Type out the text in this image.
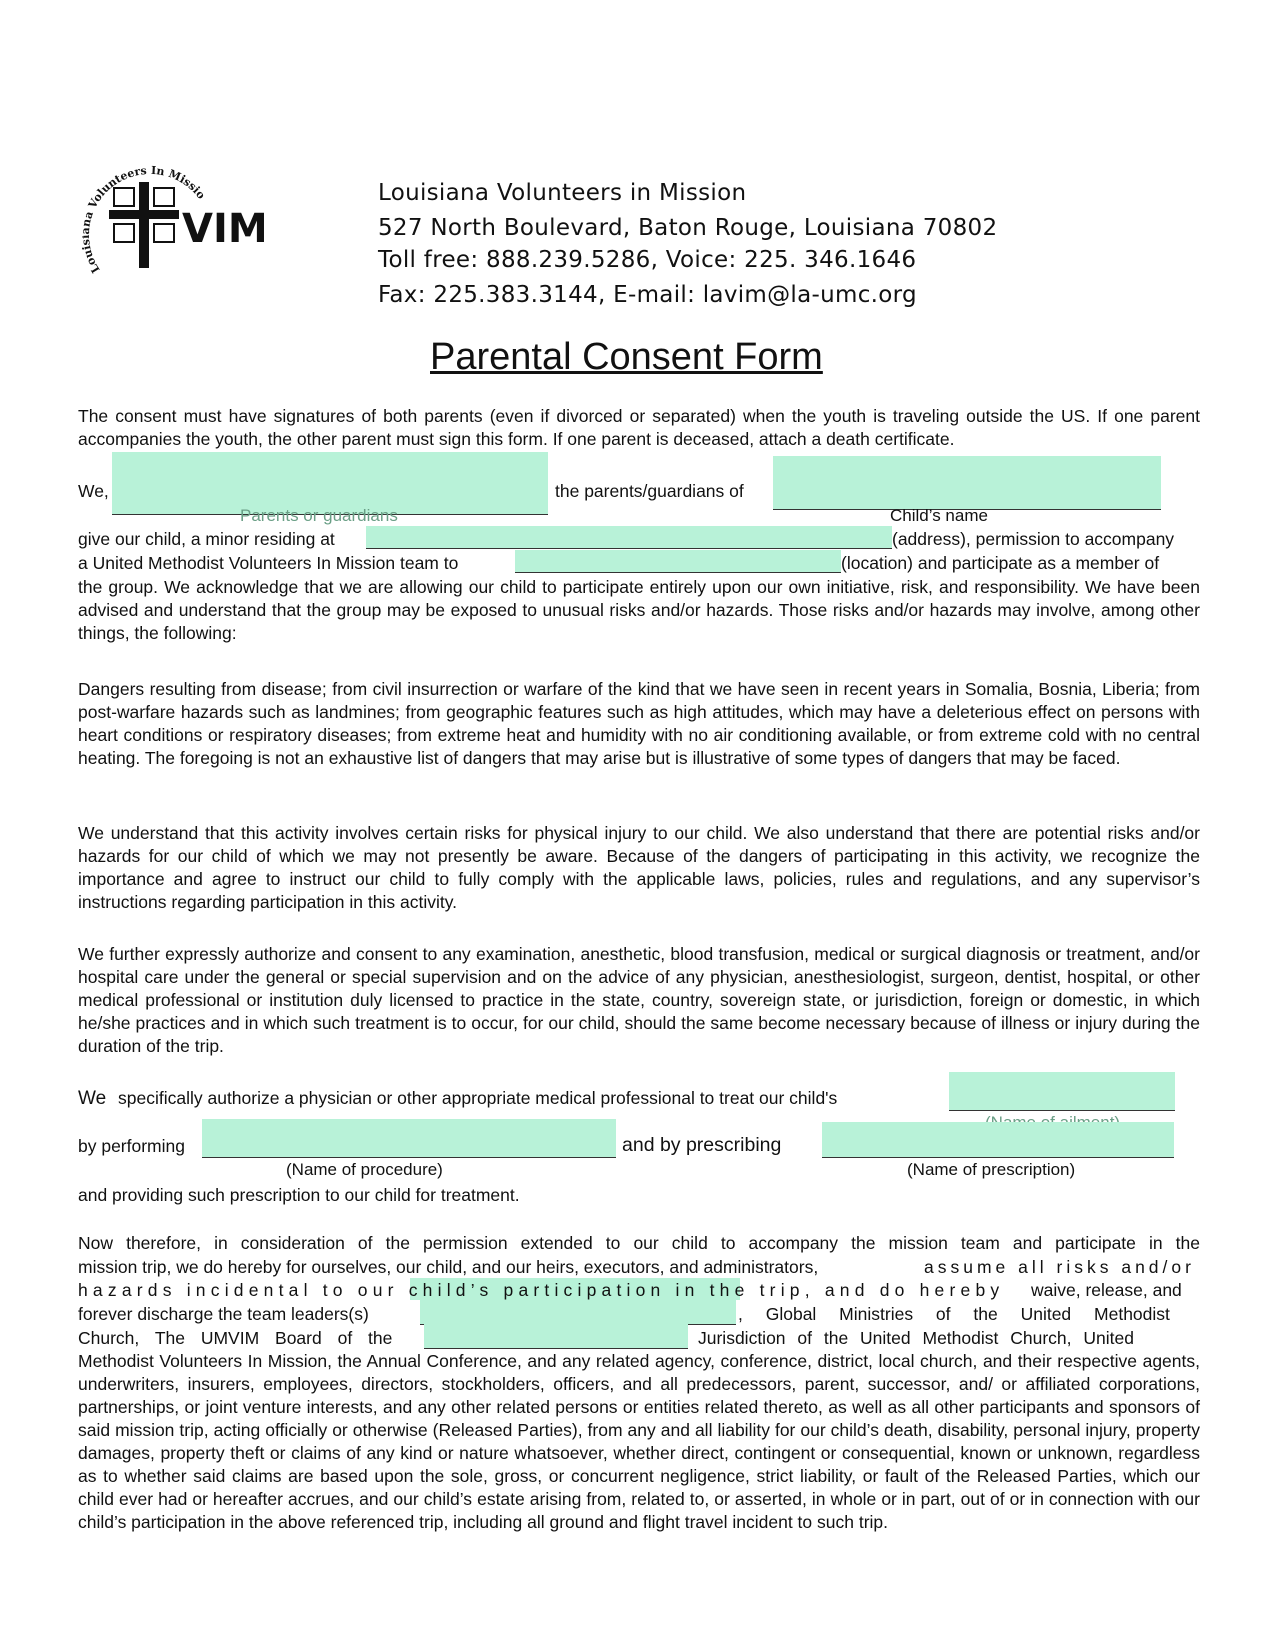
Lou a Volunteers In Missio
VIM
Louisiana Volunteers in Mission
527 North Boulevard, Baton Rouge, Louisiana 70802
Toll free: 888.239.5286, Voice: 225. 346.1646
Fax: 225.383.3144, E-mail: lavim@la-umc.org
Parental Consent Form
The consent must have signatures of both parents (even if divorced or separated) when the youth is traveling outside the US. If one parent accompanies the youth, the other parent must sign this form. If one parent is deceased, attach a death certificate.
We,	the parents/guardians of
Parents or guardians	Child’s name
give our child, a minor residing at	(address), permission to accompany
a United Methodist Volunteers In Mission team to	(location) and participate as a member of
the group. We acknowledge that we are allowing our child to participate entirely upon our own initiative, risk, and responsibility. We have been advised and understand that the group may be exposed to unusual risks and/or hazards. Those risks and/or hazards may involve, among other things, the following:
Dangers resulting from disease; from civil insurrection or warfare of the kind that we have seen in recent years in Somalia, Bosnia, Liberia; from post-warfare hazards such as landmines; from geographic features such as high attitudes, which may have a deleterious effect on persons with heart conditions or respiratory diseases; from extreme heat and humidity with no air conditioning available, or from extreme cold with no central heating. The foregoing is not an exhaustive list of dangers that may arise but is illustrative of some types of dangers that may be faced.
We understand that this activity involves certain risks for physical injury to our child. We also understand that there are potential risks and/or hazards for our child of which we may not presently be aware. Because of the dangers of participating in this activity, we recognize the importance and agree to instruct our child to fully comply with the applicable laws, policies, rules and regulations, and any supervisor’s instructions regarding participation in this activity.
We further expressly authorize and consent to any examination, anesthetic, blood transfusion, medical or surgical diagnosis or treatment, and/or hospital care under the general or special supervision and on the advice of any physician, anesthesiologist, surgeon, dentist, hospital, or other medical professional or institution duly licensed to practice in the state, country, sovereign state, or jurisdiction, foreign or domestic, in which he/she practices and in which such treatment is to occur, for our child, should the same become necessary because of illness or injury during the duration of the trip.
We specifically authorize a physician or other appropriate medical professional to treat our child's
by performing	and by prescribing
(Name of procedure)	(Name of prescription)
and providing such prescription to our child for treatment.
Now therefore, in consideration of the permission extended to our child to accompany the mission team and participate in the
mission trip, we do hereby for ourselves, our child, and our heirs, executors, and administrators,	assume all risks and/or
hazards incidental to our child’s participation in the trip, and do hereby waive, release, and
forever discharge the team leaders(s)	, Global Ministries of the United Methodist
Church, The UMVIM Board of the	Jurisdiction of the United Methodist Church, United
Methodist Volunteers In Mission, the Annual Conference, and any related agency, conference, district, local church, and their respective agents, underwriters, insurers, employees, directors, stockholders, officers, and all predecessors, parent, successor, and/ or affiliated corporations, partnerships, or joint venture interests, and any other related persons or entities related thereto, as well as all other participants and sponsors of said mission trip, acting officially or otherwise (Released Parties), from any and all liability for our child’s death, disability, personal injury, property damages, property theft or claims of any kind or nature whatsoever, whether direct, contingent or consequential, known or unknown, regardless as to whether said claims are based upon the sole, gross, or concurrent negligence, strict liability, or fault of the Released Parties, which our child ever had or hereafter accrues, and our child’s estate arising from, related to, or asserted, in whole or in part, out of or in connection with our child’s participation in the above referenced trip, including all ground and flight travel incident to such trip.
